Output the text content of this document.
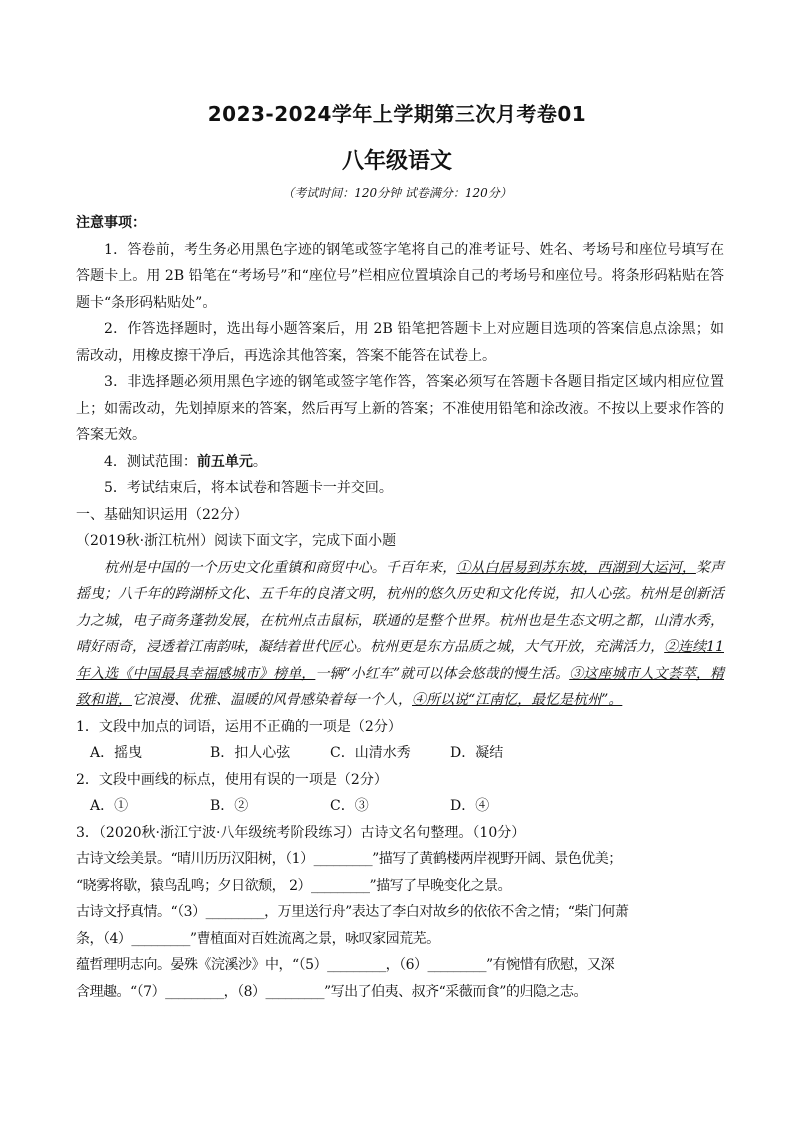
2023-2024学年上学期第三次月考卷01
八年级语文
（考试时间：120分钟 试卷满分：120分）
注意事项：
1．答卷前，考生务必用黑色字迹的钢笔或签字笔将自己的准考证号、姓名、考场号和座位号填写在答题卡上。用 2B 铅笔在“考场号”和“座位号”栏相应位置填涂自己的考场号和座位号。将条形码粘贴在答题卡“条形码粘贴处”。
2．作答选择题时，选出每小题答案后，用 2B 铅笔把答题卡上对应题目选项的答案信息点涂黑；如需改动，用橡皮擦干净后，再选涂其他答案，答案不能答在试卷上。
3．非选择题必须用黑色字迹的钢笔或签字笔作答，答案必须写在答题卡各题目指定区域内相应位置上；如需改动，先划掉原来的答案，然后再写上新的答案；不准使用铅笔和涂改液。不按以上要求作答的答案无效。
4．测试范围：前五单元。
5．考试结束后，将本试卷和答题卡一并交回。
一、基础知识运用（22分）
（2019秋·浙江杭州）阅读下面文字，完成下面小题
杭州是中国的一个历史文化重镇和商贸中心。千百年来，①从白居易到苏东坡，西湖到大运河，桨声摇曳；八千年的跨湖桥文化、五千年的良渚文明，杭州的悠久历史和文化传说，扣人心弦。杭州是创新活力之城，电子商务蓬勃发展，在杭州点击鼠标，联通的是整个世界。杭州也是生态文明之都，山清水秀，晴好雨奇，浸透着江南韵味，凝结着世代匠心。杭州更是东方品质之城，大气开放，充满活力，②连续11年入选《中国最具幸福感城市》榜单，一辆“小红车”就可以体会悠哉的慢生活。③这座城市人文荟萃，精致和谐，它浪漫、优雅、温暖的风骨感染着每一个人，④所以说“江南忆，最忆是杭州”。
1．文段中加点的词语，运用不正确的一项是（2分）
A．摇曳	B．扣人心弦	C．山清水秀	D．凝结
2．文段中画线的标点，使用有误的一项是（2分）
A．①	B．②	C．③	D．④
3．（2020秋·浙江宁波·八年级统考阶段练习）古诗文名句整理。（10分）
古诗文绘美景。“晴川历历汉阳树，（1）_________”描写了黄鹤楼两岸视野开阔、景色优美；
“晓雾将歇，猿鸟乱鸣；夕日欲颓， 2）_________”描写了早晚变化之景。
古诗文抒真情。“（3）_________，万里送行舟”表达了李白对故乡的依依不舍之情；“柴门何萧
条，（4）_________”曹植面对百姓流离之景，咏叹家园荒芜。
蕴哲理明志向。晏殊《浣溪沙》中，“（5）_________，（6）_________”有惋惜有欣慰，又深
含理趣。“（7）_________，（8）_________”写出了伯夷、叔齐“采薇而食”的归隐之志。
